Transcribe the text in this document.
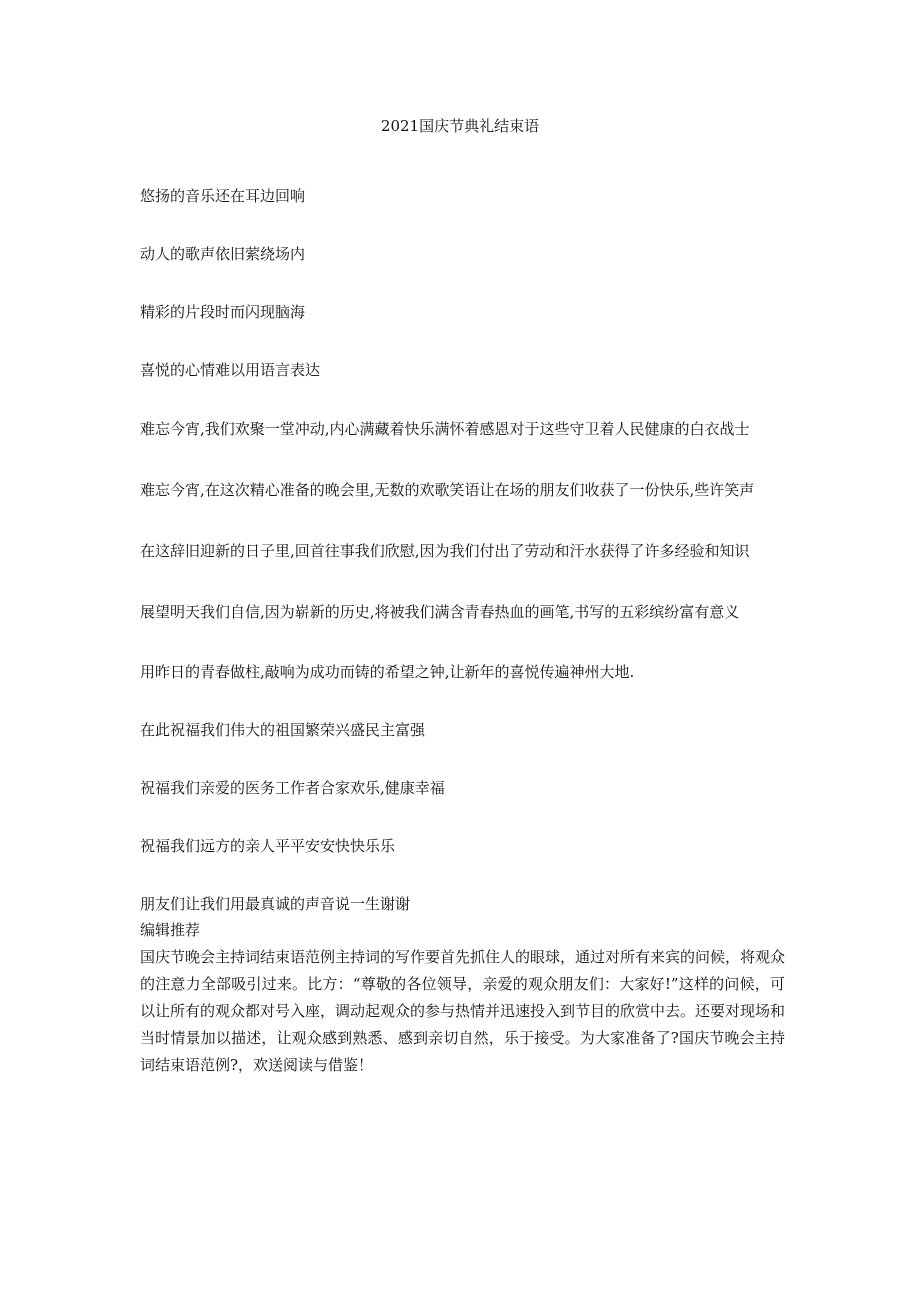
2021国庆节典礼结束语

悠扬的音乐还在耳边回响

动人的歌声依旧萦绕场内

精彩的片段时而闪现脑海

喜悦的心情难以用语言表达

难忘今宵,我们欢聚一堂冲动,内心满藏着快乐满怀着感恩对于这些守卫着人民健康的白衣战士

难忘今宵,在这次精心准备的晚会里,无数的欢歌笑语让在场的朋友们收获了一份快乐,些许笑声

在这辞旧迎新的日子里,回首往事我们欣慰,因为我们付出了劳动和汗水获得了许多经验和知识

展望明天我们自信,因为崭新的历史,将被我们满含青春热血的画笔,书写的五彩缤纷富有意义

用昨日的青春做柱,敲响为成功而铸的希望之钟,让新年的喜悦传遍神州大地.

在此祝福我们伟大的祖国繁荣兴盛民主富强

祝福我们亲爱的医务工作者合家欢乐,健康幸福

祝福我们远方的亲人平平安安快快乐乐

朋友们让我们用最真诚的声音说一生谢谢

编辑推荐

国庆节晚会主持词结束语范例主持词的写作要首先抓住人的眼球，通过对所有来宾的问候，将观众的注意力全部吸引过来。比方：“尊敬的各位领导，亲爱的观众朋友们：大家好!”这样的问候，可以让所有的观众都对号入座，调动起观众的参与热情并迅速投入到节目的欣赏中去。还要对现场和当时情景加以描述，让观众感到熟悉、感到亲切自然，乐于接受。为大家准备了?国庆节晚会主持词结束语范例?，欢送阅读与借鉴！
